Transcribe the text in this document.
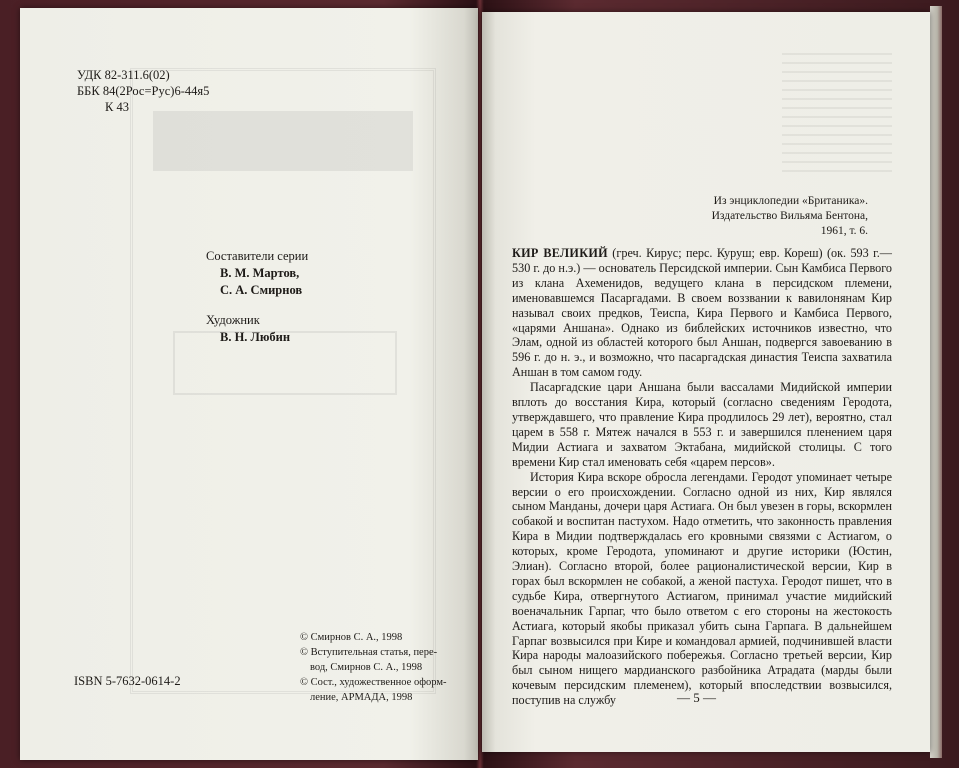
УДК 82-311.6(02)
ББК 84(2Рос=Рус)6-44я5
К 43
Составители серии
В. М. Мартов,
С. А. Смирнов
Художник
В. Н. Любин
ISBN 5-7632-0614-2
© Смирнов С. А., 1998
© Вступительная статья, пере-
вод, Смирнов С. А., 1998
© Сост., художественное оформ-
ление, АРМАДА, 1998
Из энциклопедии «Британика».
Издательство Вильяма Бентона,
1961, т. 6.

КИР ВЕЛИКИЙ (греч. Кирус; перс. Куруш; евр. Кореш) (ок. 593 г.— 530 г. до н.э.) — основатель Персидской империи. Сын Камбиса Первого из клана Ахеменидов, ведущего клана в персидском племени, именовавшемся Пасаргадами. В своем воззвании к вавилонянам Кир называл своих предков, Теиспа, Кира Первого и Камбиса Первого, «царями Аншана». Однако из библейских источников известно, что Элам, одной из областей которого был Аншан, подвергся завоеванию в 596 г. до н. э., и возможно, что пасаргадская династия Теиспа захватила Аншан в том самом году.

Пасаргадские цари Аншана были вассалами Мидийской империи вплоть до восстания Кира, который (согласно сведениям Геродота, утверждавшего, что правление Кира продлилось 29 лет), вероятно, стал царем в 558 г. Мятеж начался в 553 г. и завершился пленением царя Мидии Астиага и захватом Эктабана, мидийской столицы. С того времени Кир стал именовать себя «царем персов».

История Кира вскоре обросла легендами. Геродот упоминает четыре версии о его происхождении. Согласно одной из них, Кир являлся сыном Манданы, дочери царя Астиага. Он был увезен в горы, вскормлен собакой и воспитан пастухом. Надо отметить, что законность правления Кира в Мидии подтверждалась его кровными связями с Астиагом, о которых, кроме Геродота, упоминают и другие историки (Юстин, Элиан). Согласно второй, более рационалистической версии, Кир в горах был вскормлен не собакой, а женой пастуха. Геродот пишет, что в судьбе Кира, отвергнутого Астиагом, принимал участие мидийский военачальник Гарпаг, что было ответом с его стороны на жестокость Астиага, который якобы приказал убить сына Гарпага. В дальнейшем Гарпаг возвысился при Кире и командовал армией, подчинившей власти Кира народы малоазийского побережья. Согласно третьей версии, Кир был сыном нищего мардианского разбойника Атрадата (марды были кочевым персидским племенем), который впоследствии возвысился, поступив на службу	— 5 —
